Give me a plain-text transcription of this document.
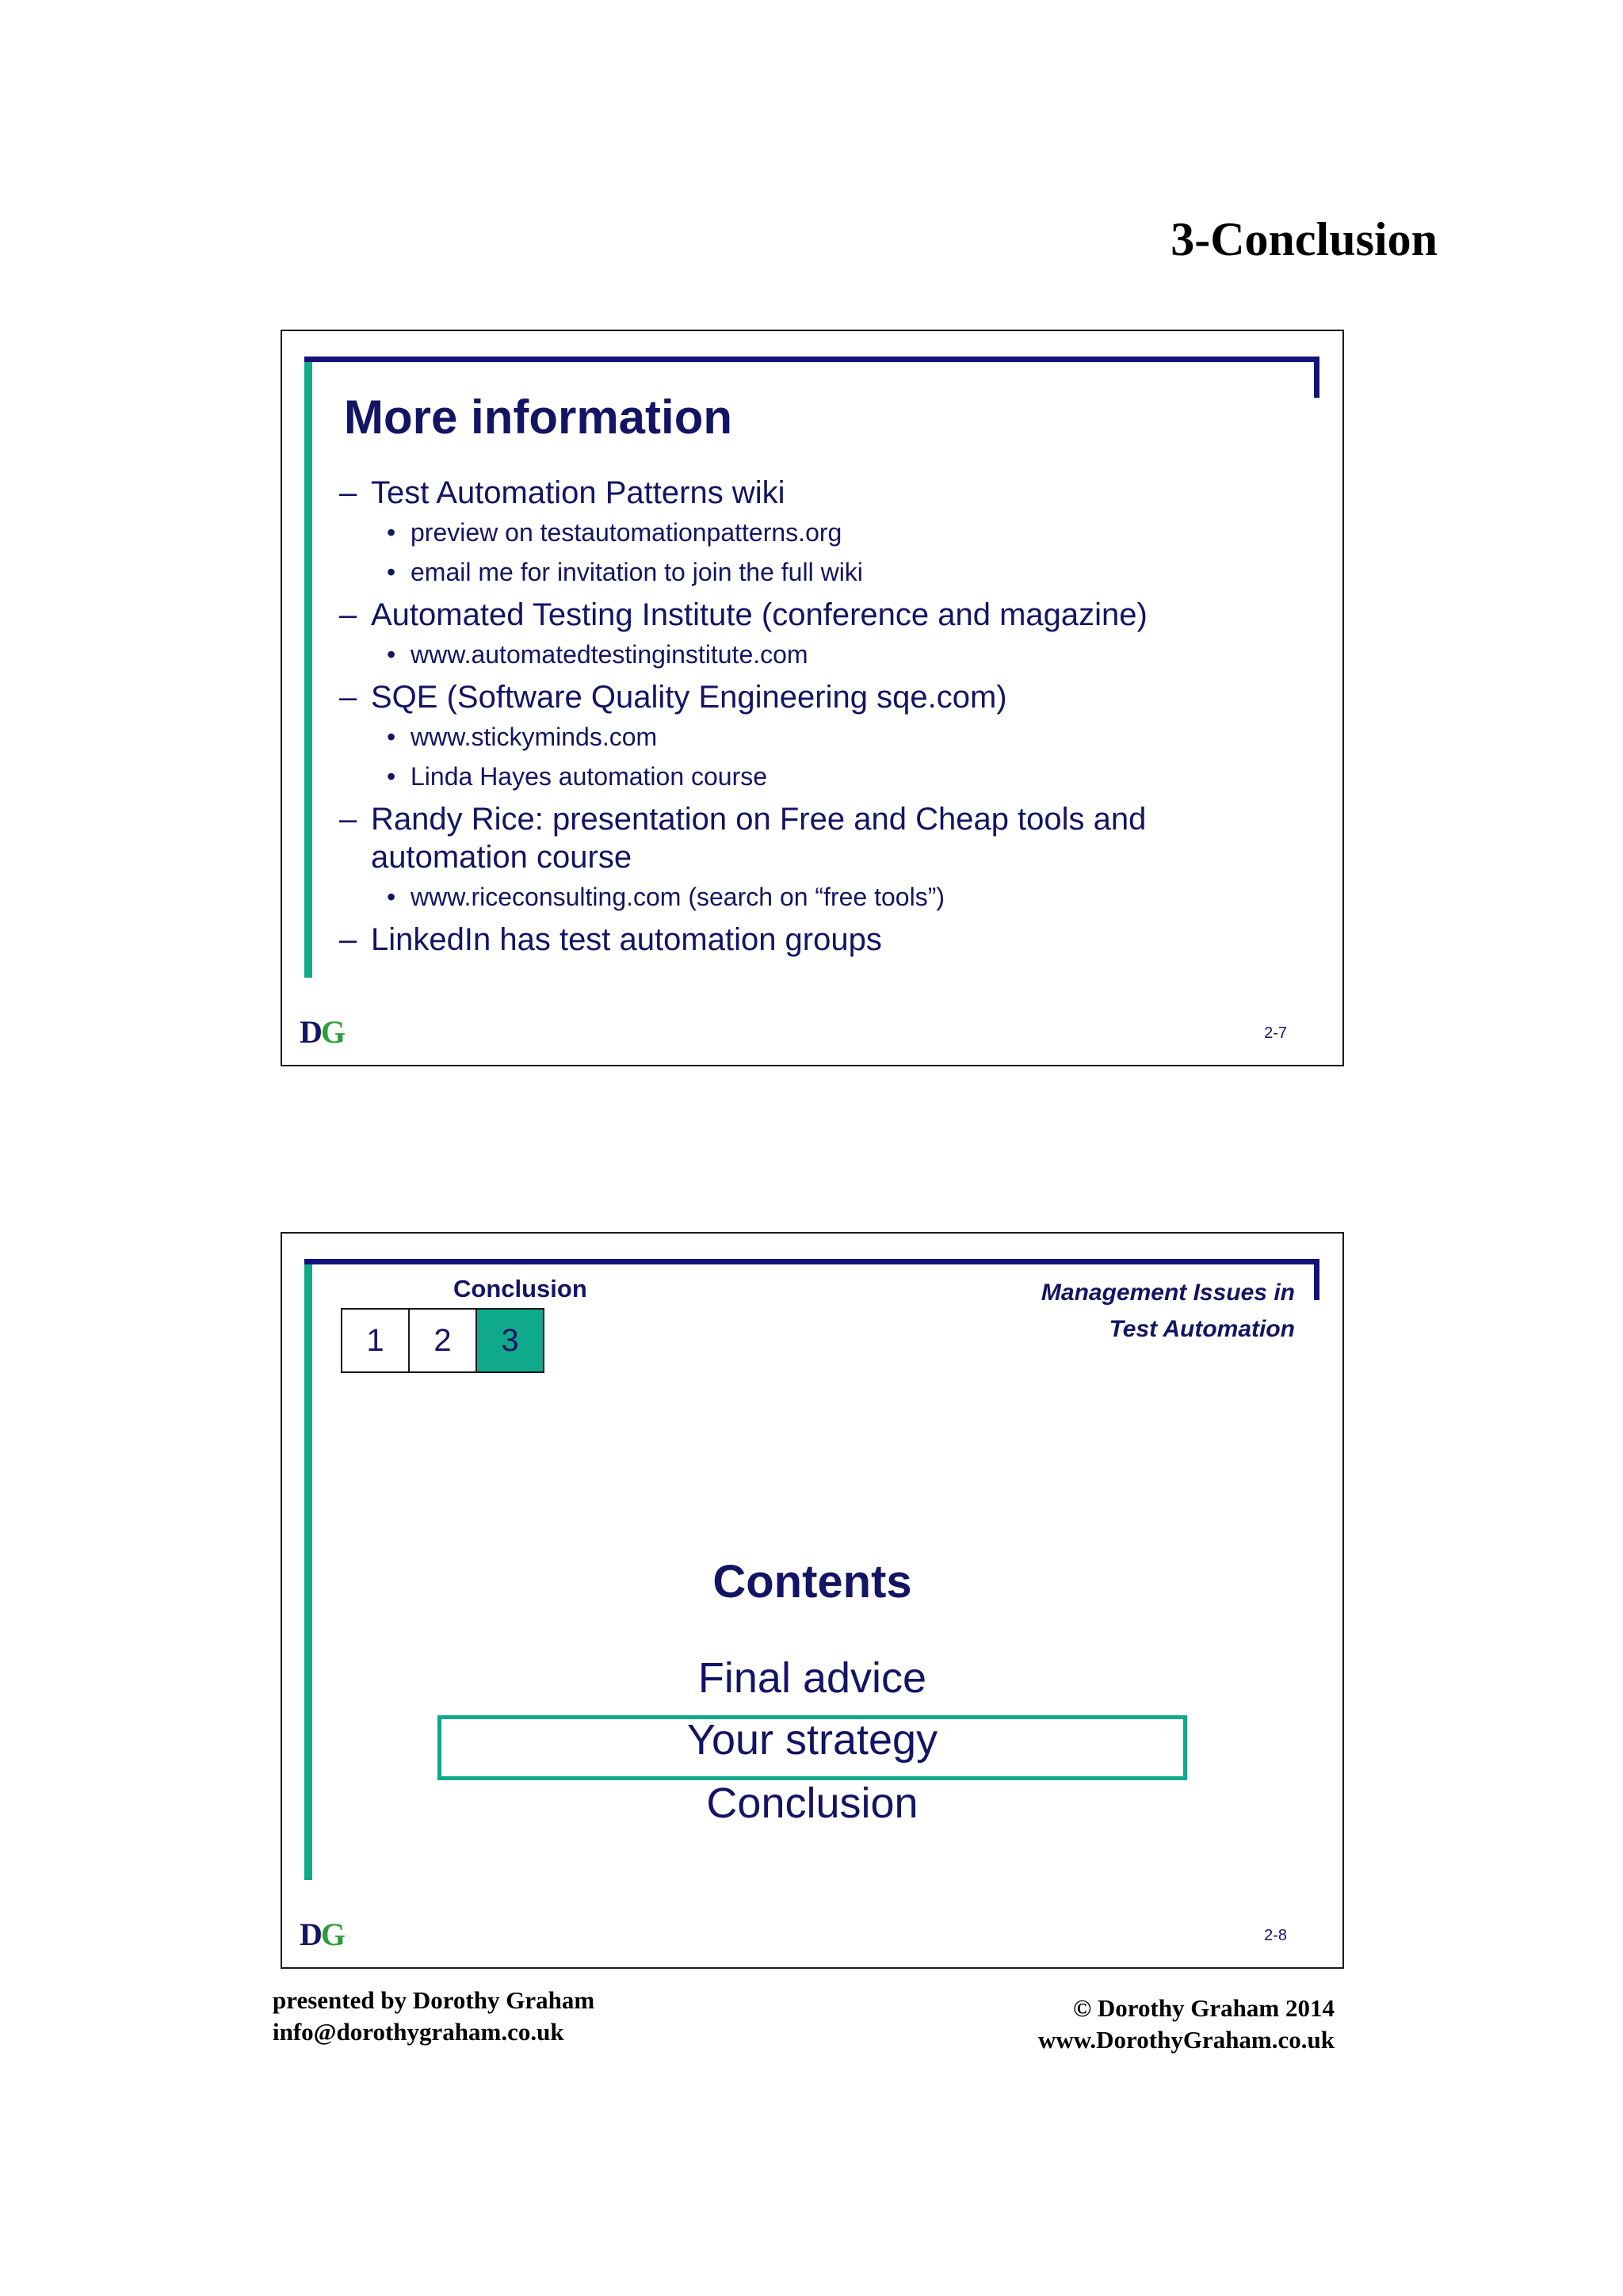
3-Conclusion
More information

– Test Automation Patterns wiki

• preview on testautomationpatterns.org

• email me for invitation to join the full wiki

– Automated Testing Institute (conference and magazine)

• www.automatedtestinginstitute.com

– SQE (Software Quality Engineering sqe.com)

• www.stickyminds.com

• Linda Hayes automation course

– Randy Rice: presentation on Free and Cheap tools and automation course

• www.riceconsulting.com (search on “free tools”)

– LinkedIn has test automation groups

DG	2-7
Conclusion	Management Issues in
Test Automation
1	2	3
Contents
Final advice
Your strategy
Conclusion
DG	2-8
presented by Dorothy Graham
info@dorothygraham.co.uk
© Dorothy Graham 2014
www.DorothyGraham.co.uk
